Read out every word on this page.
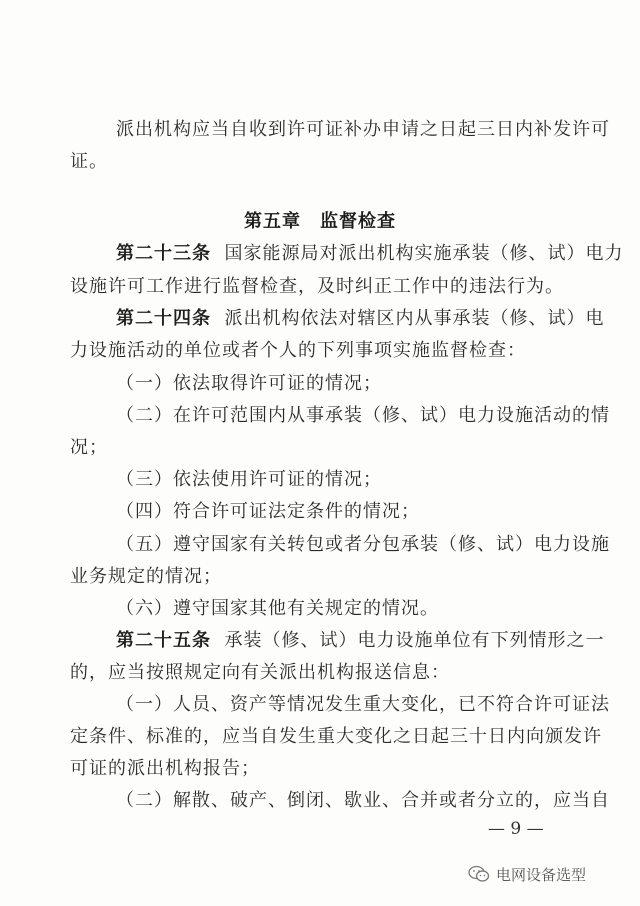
派出机构应当自收到许可证补办申请之日起三日内补发许可
证。
第五章　监督检查
第二十三条 国家能源局对派出机构实施承装（修、试）电力
设施许可工作进行监督检查，及时纠正工作中的违法行为。
第二十四条 派出机构依法对辖区内从事承装（修、试）电
力设施活动的单位或者个人的下列事项实施监督检查：
（一）依法取得许可证的情况；
（二）在许可范围内从事承装（修、试）电力设施活动的情
况；
（三）依法使用许可证的情况；
（四）符合许可证法定条件的情况；
（五）遵守国家有关转包或者分包承装（修、试）电力设施
业务规定的情况；
（六）遵守国家其他有关规定的情况。
第二十五条 承装（修、试）电力设施单位有下列情形之一
的，应当按照规定向有关派出机构报送信息：
（一）人员、资产等情况发生重大变化，已不符合许可证法
定条件、标准的，应当自发生重大变化之日起三十日内向颁发许
可证的派出机构报告；
（二）解散、破产、倒闭、歇业、合并或者分立的，应当自
— 9 —
电网设备选型
